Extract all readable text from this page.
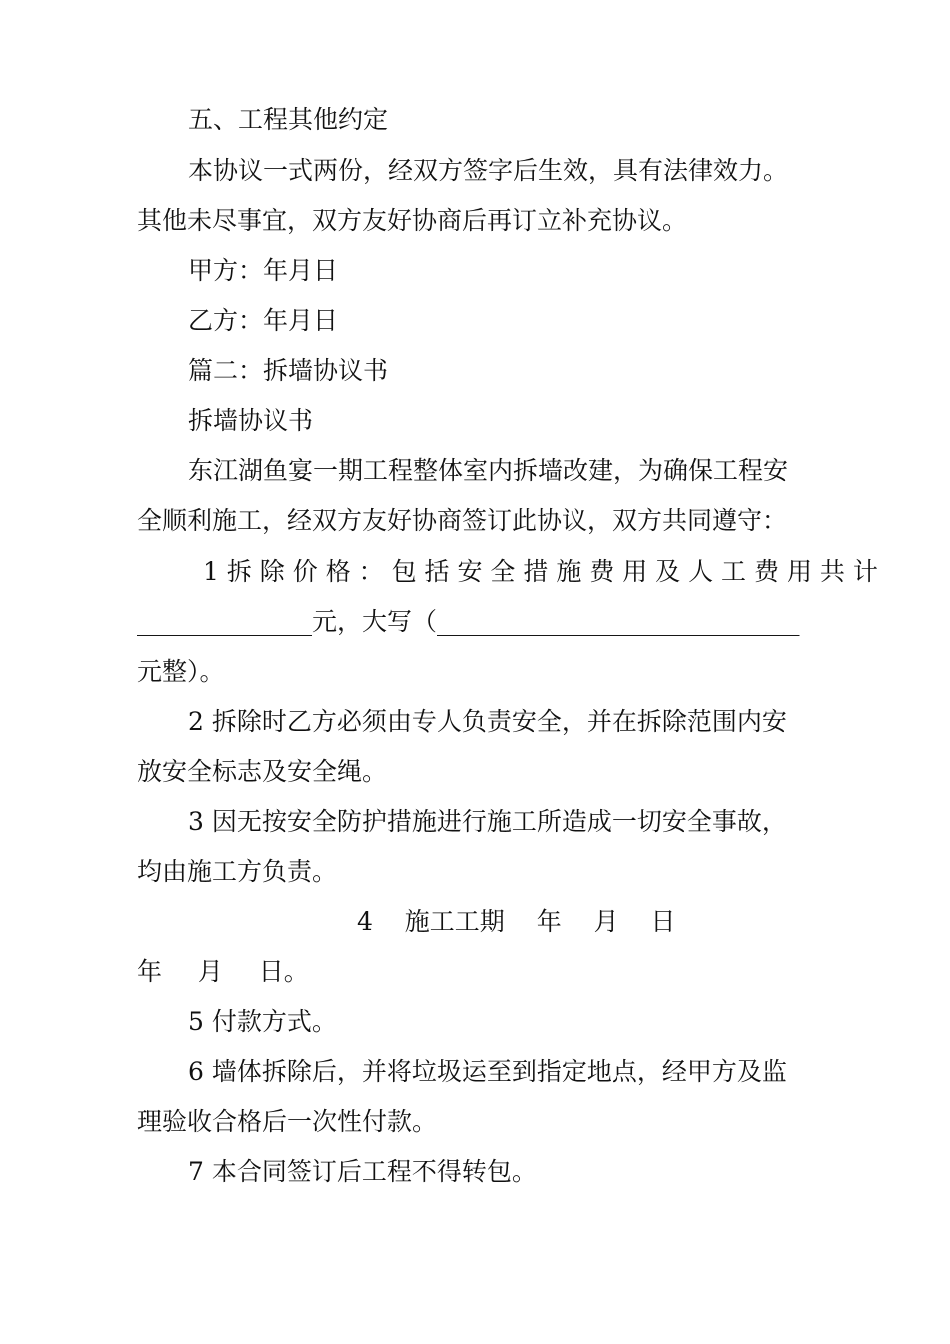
五、工程其他约定
本协议一式两份，经双方签字后生效，具有法律效力。
其他未尽事宜，双方友好协商后再订立补充协议。
甲方：年月日
乙方：年月日
篇二：拆墙协议书
拆墙协议书
东江湖鱼宴一期工程整体室内拆墙改建，为确保工程安
全顺利施工，经双方友好协商签订此协议，双方共同遵守：
1 拆 除 价 格 ： 包 括 安 全 措 施 费 用 及 人 工 费 用 共 计
______________元，大写（_____________________________
元整）。
2 拆除时乙方必须由专人负责安全，并在拆除范围内安
放安全标志及安全绳。
3 因无按安全防护措施进行施工所造成一切安全事故，
均由施工方负责。
4  施工工期  年  月  日
年  月  日。
5 付款方式。
6 墙体拆除后，并将垃圾运至到指定地点，经甲方及监
理验收合格后一次性付款。
7 本合同签订后工程不得转包。
